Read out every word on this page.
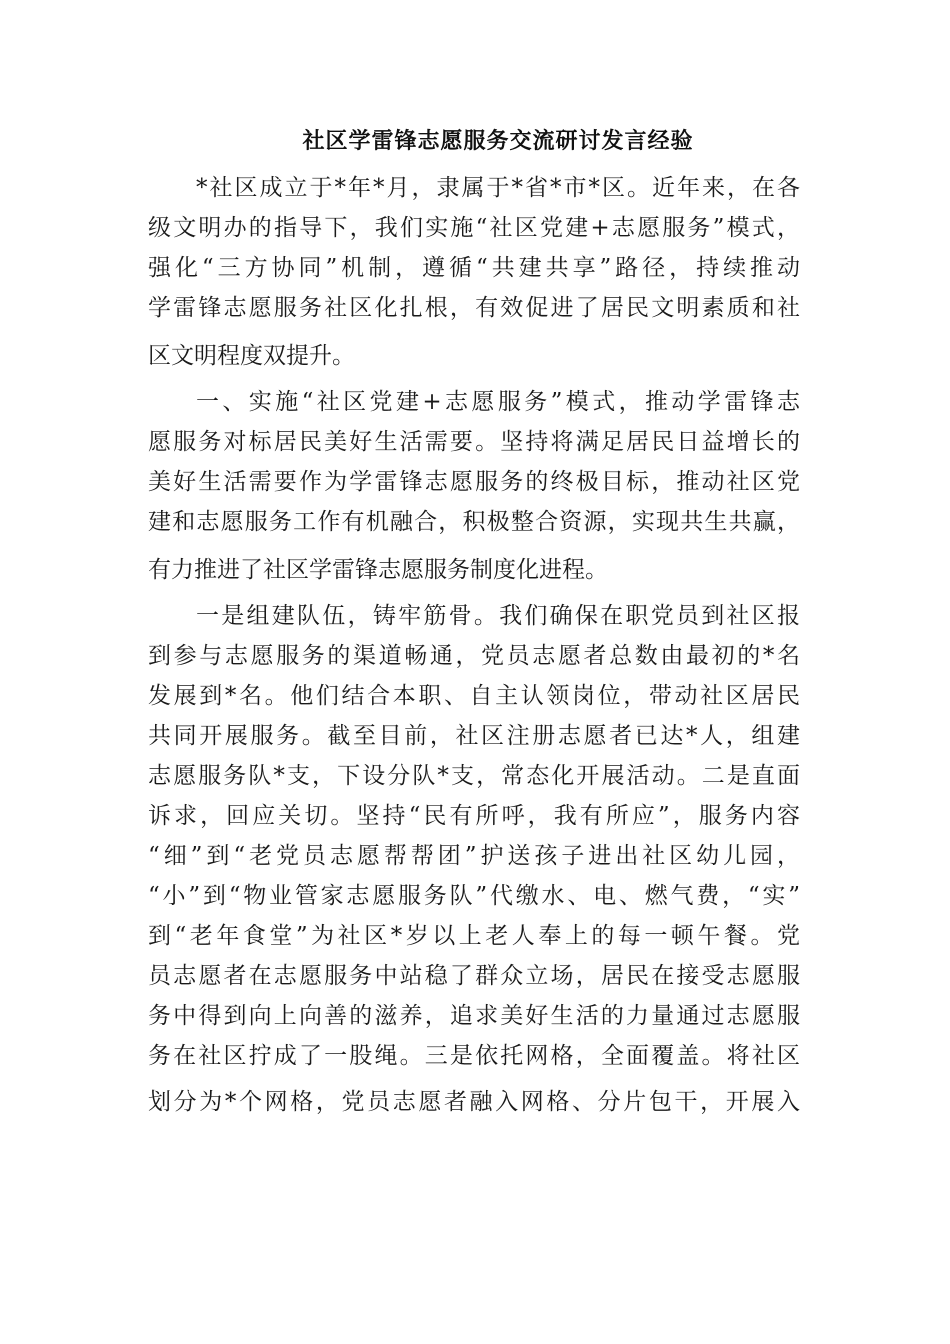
社区学雷锋志愿服务交流研讨发言经验
*社区成立于*年*月，隶属于*省*市*区。近年来，在各
级文明办的指导下，我们实施“社区党建+志愿服务”模式，
强化“三方协同”机制，遵循“共建共享”路径，持续推动
学雷锋志愿服务社区化扎根，有效促进了居民文明素质和社
区文明程度双提升。
一、实施“社区党建+志愿服务”模式，推动学雷锋志
愿服务对标居民美好生活需要。坚持将满足居民日益增长的
美好生活需要作为学雷锋志愿服务的终极目标，推动社区党
建和志愿服务工作有机融合，积极整合资源，实现共生共赢，
有力推进了社区学雷锋志愿服务制度化进程。
一是组建队伍，铸牢筋骨。我们确保在职党员到社区报
到参与志愿服务的渠道畅通，党员志愿者总数由最初的*名
发展到*名。他们结合本职、自主认领岗位，带动社区居民
共同开展服务。截至目前，社区注册志愿者已达*人，组建
志愿服务队*支，下设分队*支，常态化开展活动。二是直面
诉求，回应关切。坚持“民有所呼，我有所应”，服务内容
“细”到“老党员志愿帮帮团”护送孩子进出社区幼儿园，
“小”到“物业管家志愿服务队”代缴水、电、燃气费，“实”
到“老年食堂”为社区*岁以上老人奉上的每一顿午餐。党
员志愿者在志愿服务中站稳了群众立场，居民在接受志愿服
务中得到向上向善的滋养，追求美好生活的力量通过志愿服
务在社区拧成了一股绳。三是依托网格，全面覆盖。将社区
划分为*个网格，党员志愿者融入网格、分片包干，开展入
